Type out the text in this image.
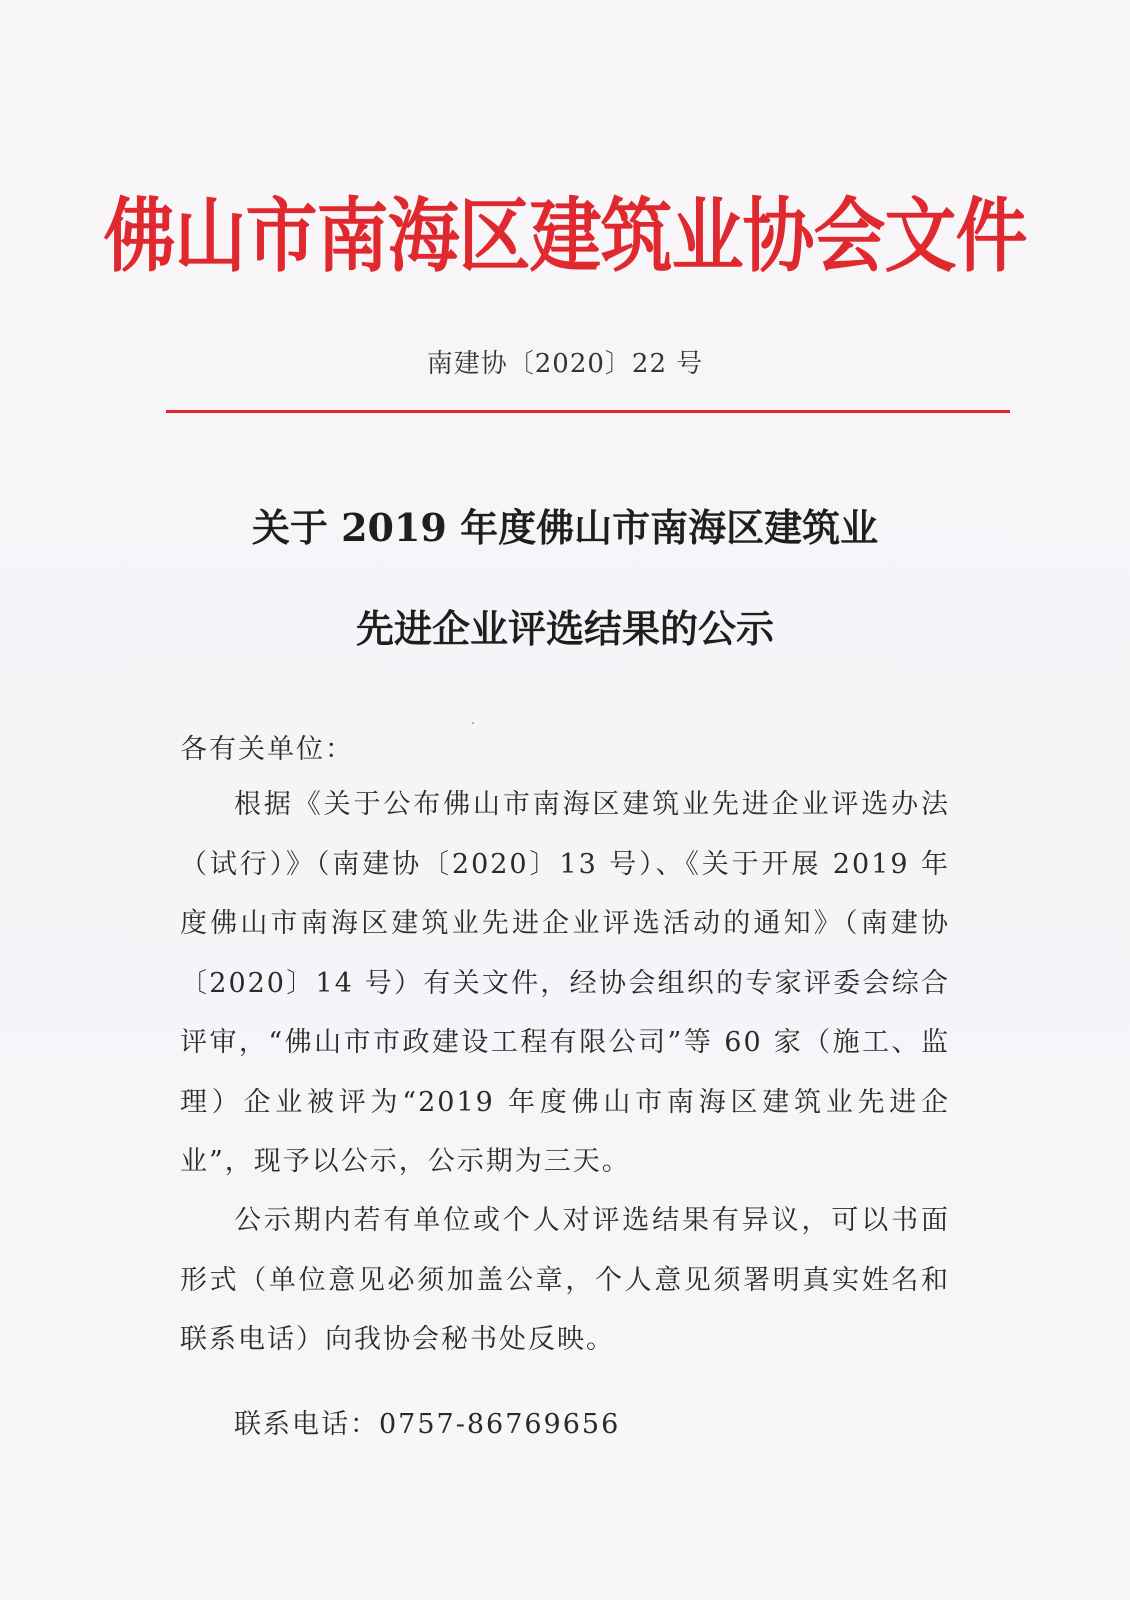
佛山市南海区建筑业协会文件
南建协〔2020〕22 号
关于 2019 年度佛山市南海区建筑业
先进企业评选结果的公示
各有关单位：
根据《关于公布佛山市南海区建筑业先进企业评选办法（试行）》（南建协〔2020〕13 号）、《关于开展 2019 年度佛山市南海区建筑业先进企业评选活动的通知》（南建协〔2020〕14 号）有关文件，经协会组织的专家评委会综合评审，“佛山市市政建设工程有限公司”等 60 家（施工、监理）企业被评为“2019 年度佛山市南海区建筑业先进企业”，现予以公示，公示期为三天。
公示期内若有单位或个人对评选结果有异议，可以书面形式（单位意见必须加盖公章，个人意见须署明真实姓名和联系电话）向我协会秘书处反映。
联系电话：0757-86769656
